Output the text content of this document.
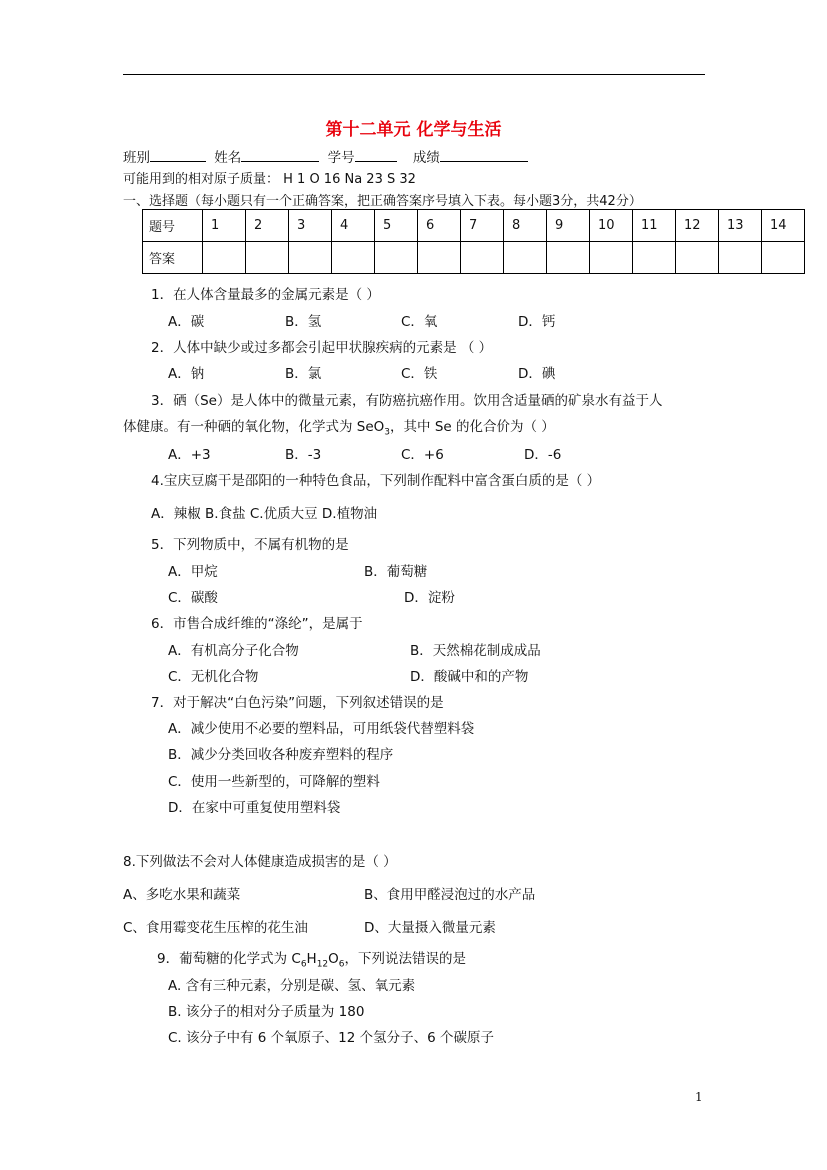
第十二单元 化学与生活
班别	姓名	学号	成绩
可能用到的相对原子质量： H 1 O 16 Na 23 S 32
一、选择题（每小题只有一个正确答案，把正确答案序号填入下表。每小题3分，共42分）
题号	1	2	3	4	5	6	7	8	9	10	11	12	13	14
答案														
1．在人体含量最多的金属元素是（ ）
A．碳	B．氢	C．氧	D．钙
2．人体中缺少或过多都会引起甲状腺疾病的元素是 （ ）
A．钠	B．氯	C．铁	D．碘
3．硒（Se）是人体中的微量元素，有防癌抗癌作用。饮用含适量硒的矿泉水有益于人
体健康。有一种硒的氧化物，化学式为 SeO$_3$，其中 Se 的化合价为（ ）
A．+3	B．-3	C．+6	D．-6
4.宝庆豆腐干是邵阳的一种特色食品，下列制作配料中富含蛋白质的是（ ）
A．辣椒 B.食盐 C.优质大豆 D.植物油
5．下列物质中，不属有机物的是
A．甲烷	B．葡萄糖
C．碳酸	D．淀粉
6．市售合成纤维的“涤纶”，是属于
A．有机高分子化合物	B．天然棉花制成成品
C．无机化合物	D．酸碱中和的产物
7．对于解决“白色污染”问题，下列叙述错误的是
A．减少使用不必要的塑料品，可用纸袋代替塑料袋
B．减少分类回收各种废弃塑料的程序
C．使用一些新型的，可降解的塑料
D．在家中可重复使用塑料袋
8.下列做法不会对人体健康造成损害的是（ ）
A、多吃水果和蔬菜	B、食用甲醛浸泡过的水产品
C、食用霉变花生压榨的花生油	D、大量摄入微量元素
9．葡萄糖的化学式为 $C_6H_{12}O_6$，下列说法错误的是
A. 含有三种元素，分别是碳、氢、氧元素
B. 该分子的相对分子质量为 180
C. 该分子中有 6 个氧原子、12 个氢分子、6 个碳原子
1
